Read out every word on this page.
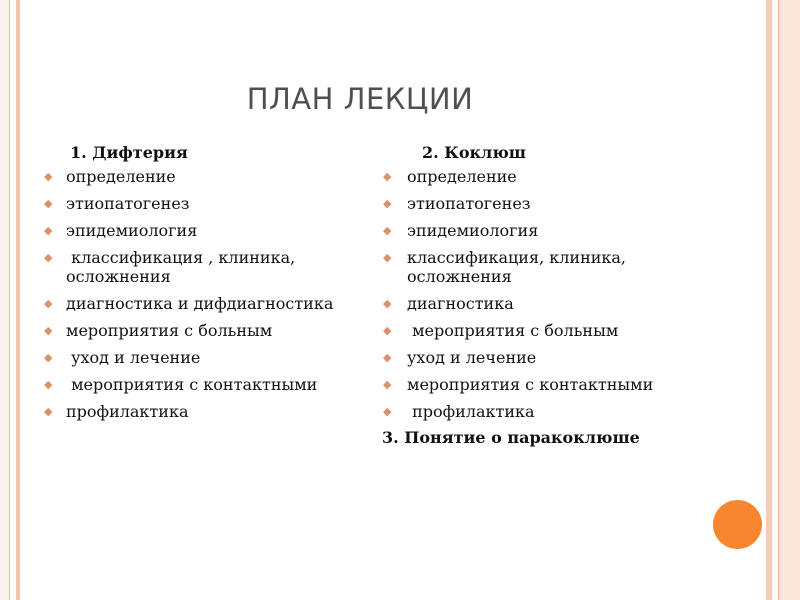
ПЛАН ЛЕКЦИИ
1. Дифтерия
◆ определение
◆ этиопатогенез
◆ эпидемиология
◆ классификация , клиника, осложнения
◆ диагностика и дифдиагностика
◆ мероприятия с больным
◆ уход и лечение
◆ мероприятия с контактными
◆ профилактика
2. Коклюш
◆ определение
◆ этиопатогенез
◆ эпидемиология
◆ классификация, клиника, осложнения
◆ диагностика
◆ мероприятия с больным
◆ уход и лечение
◆ мероприятия с контактными
◆ профилактика
3. Понятие о паракоклюше
